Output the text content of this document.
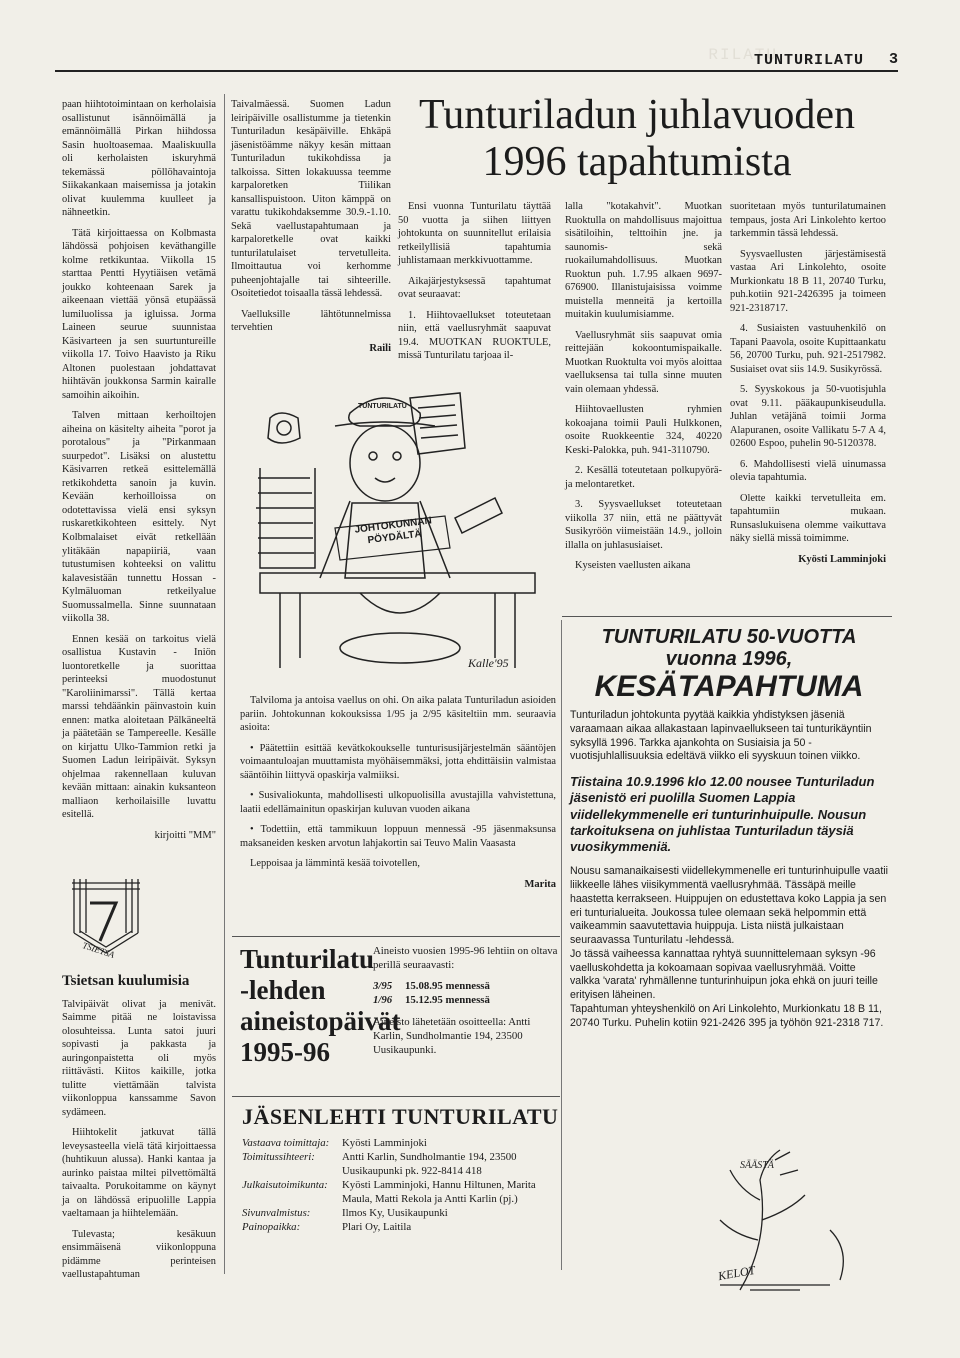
RILATU
TUNTURILATU 3

paan hiihtotoimintaan on kerholaisia osallistunut isännöimällä ja emännöimällä Pirkan hiihdossa Sasin huoltoasemaa. Maaliskuulla oli kerholaisten iskuryhmä tekemässä pöllöhavaintoja Siikakankaan maisemissa ja jotakin olivat kuulemma kuulleet ja nähneetkin.

Tätä kirjoittaessa on Kolbmasta lähdössä pohjoisen keväthangille kolme retkikuntaa. Viikolla 15 starttaa Pentti Hyytiäisen vetämä joukko kohteenaan Sarek ja aikeenaan viettää yönsä etupäässä lumiluolissa ja igluissa. Jorma Laineen seurue suunnistaa Käsivarteen ja sen suurtuntureille viikolla 17. Toivo Haavisto ja Riku Altonen puolestaan johdattavat hiihtävän joukkonsa Sarmin kairalle samoihin aikoihin.

Talven mittaan kerhoiltojen aiheina on käsitelty aiheita "porot ja porotalous" ja "Pirkanmaan suurpedot". Lisäksi on alustettu Käsivarren retkeä esittelemällä retkikohdetta sanoin ja kuvin. Kevään kerhoilloissa on odotettavissa vielä ensi syksyn ruskaretkikohteen esittely. Nyt Kolbmalaiset eivät retkellään ylitäkään napapiiriä, vaan tutustumisen kohteeksi on valittu kalavesistään tunnettu Hossan - Kylmäluoman retkeilyalue Suomussalmella. Sinne suunnataan viikolla 38.

Ennen kesää on tarkoitus vielä osallistua Kustavin - Iniön luontoretkelle ja suorittaa perinteeksi muodostunut "Karoliinimarssi". Tällä kertaa marssi tehdäänkin päinvastoin kuin ennen: matka aloitetaan Pälkäneeltä ja päätetään se Tampereelle. Kesälle on kirjattu Ulko-Tammion retki ja Suomen Ladun leiripäivät. Syksyn ohjelmaa rakennellaan kuluvan kevään mittaan: ainakin kuksanteon malliaon kerhoilaisille luvattu esitellä.

kirjoitti "MM"

TSIETSA
Tsietsan kuulumisia

Talvipäivät olivat ja menivät. Saimme pitää ne loistavissa olosuhteissa. Lunta satoi juuri sopivasti ja pakkasta ja auringonpaistetta oli myös riittävästi. Kiitos kaikille, jotka tulitte viettämään talvista viikonloppua kanssamme Savon sydämeen.

Hiihtokelit jatkuvat tällä leveysasteella vielä tätä kirjoittaessa (huhtikuun alussa). Hanki kantaa ja aurinko paistaa miltei pilvettömältä taivaalta. Porukoitamme on käynyt ja on lähdössä eripuolille Lappia vaeltamaan ja hiihtelemään.

Tulevasta; kesäkuun ensimmäisenä viikonloppuna pidämme perinteisen vaellustapahtuman

Taivalmäessä. Suomen Ladun leiripäiville osallistumme ja tietenkin Tunturiladun kesäpäiville. Ehkäpä jäsenistöämme näkyy kesän mittaan Tunturiladun tukikohdissa ja talkoissa. Sitten lokakuussa teemme karpaloretken Tiilikan kansallispuistoon. Uiton kämppä on varattu tukikohdaksemme 30.9.-1.10. Sekä vaellustapahtumaan ja karpaloretkelle ovat kaikki tunturilatulaiset tervetulleita. Ilmoittautua voi kerhomme puheenjohtajalle tai sihteerille. Osoitetiedot toisaalla tässä lehdessä.

Vaelluksille lähtötunnelmissa tervehtien

Raili

JOHTOKUNNAN PÖYDÄLTÄ
TUNTURILATU
Kalle'95
Tunturiladun juhlavuoden
1996 tapahtumista

Ensi vuonna Tunturilatu täyttää 50 vuotta ja siihen liittyen johtokunta on suunnitellut erilaisia retkeilyllisiä tapahtumia juhlistamaan merkkivuottamme.

Aikajärjestyksessä tapahtumat ovat seuraavat:

1. Hiihtovaellukset toteutetaan niin, että vaellusryhmät saapuvat 19.4. MUOTKAN RUOKTULE, missä Tunturilatu tarjoaa il-

lalla "kotakahvit". Muotkan Ruoktulla on mahdollisuus majoittua sisätiloihin, telttoihin jne. ja saunomis- sekä ruokailumahdollisuus. Muotkan Ruoktun puh. 1.7.95 alkaen 9697-676900. Illanistujaisissa voimme muistella menneitä ja kertoilla muitakin kuulumisiamme.

Vaellusryhmät siis saapuvat omia reittejään kokoontumispaikalle. Muotkan Ruoktulta voi myös aloittaa vaelluksensa tai tulla sinne muuten vain olemaan yhdessä.

Hiihtovaellusten ryhmien kokoajana toimii Pauli Hulkkonen, osoite Ruokkeentie 324, 40220 Keski-Palokka, puh. 941-3110790.

2. Kesällä toteutetaan polkupyörä- ja melontaretket.

3. Syysvaellukset toteutetaan viikolla 37 niin, että ne päättyvät Susikyröön viimeistään 14.9., jolloin illalla on juhlasusiaiset.

Kyseisten vaellusten aikana

suoritetaan myös tunturilatumainen tempaus, josta Ari Linkolehto kertoo tarkemmin tässä lehdessä.

Syysvaellusten järjestämisestä vastaa Ari Linkolehto, osoite Murkionkatu 18 B 11, 20740 Turku, puh.kotiin 921-2426395 ja toimeen 921-2318717.

4. Susiaisten vastuuhenkilö on Tapani Paavola, osoite Kupittaankatu 56, 20700 Turku, puh. 921-2517982. Susiaiset ovat siis 14.9. Susikyrössä.

5. Syyskokous ja 50-vuotisjuhla ovat 9.11. pääkaupunkiseudulla. Juhlan vetäjänä toimii Jorma Alapuranen, osoite Vallikatu 5-7 A 4, 02600 Espoo, puhelin 90-5120378.

6. Mahdollisesti vielä uinumassa olevia tapahtumia.

Olette kaikki tervetulleita em. tapahtumiin mukaan. Runsaslukuisena olemme vaikuttava näky siellä missä toimimme.

Kyösti Lamminjoki

Talviloma ja antoisa vaellus on ohi. On aika palata Tunturiladun asioiden pariin. Johtokunnan kokouksissa 1/95 ja 2/95 käsiteltiin mm. seuraavia asioita:

• Päätettiin esittää kevätkokoukselle tunturisusijärjestelmän sääntöjen voimaantuloajan muuttamista myöhäisemmäksi, jotta ehdittäisiin valmistaa sääntöihin liittyvä opaskirja valmiiksi.

• Susivaliokunta, mahdollisesti ulkopuolisilla avustajilla vahvistettuna, laatii edellämainitun opaskirjan kuluvan vuoden aikana

• Todettiin, että tammikuun loppuun mennessä -95 jäsenmaksunsa maksaneiden kesken arvotun lahjakortin sai Teuvo Malin Vaasasta

Leppoisaa ja lämmintä kesää toivotellen,

Marita

Tunturilatu
-lehden
aineistopäivät
1995-96

Aineisto vuosien 1995-96 lehtiin on oltava perillä seuraavasti:

3/95	15.08.95 mennessä
1/96	15.12.95 mennessä

Aineisto lähetetään osoitteella: Antti Karlin, Sundholmantie 194, 23500 Uusikaupunki.

JÄSENLEHTI TUNTURILATU
Vastaava toimittaja:	Kyösti Lamminjoki
Toimitussihteeri:	Antti Karlin, Sundholmantie 194, 23500 Uusikaupunki pk. 922-8414 418
Julkaisutoimikunta:	Kyösti Lamminjoki, Hannu Hiltunen, Marita Maula, Matti Rekola ja Antti Karlin (pj.)
Sivunvalmistus:	Ilmos Ky, Uusikaupunki
Painopaikka:	Plari Oy, Laitila
TUNTURILATU 50-VUOTTA
vuonna 1996,
KESÄTAPAHTUMA

Tunturiladun johtokunta pyytää kaikkia yhdistyksen jäseniä varaamaan aikaa allakastaan lapinvaellukseen tai tunturikäyntiin syksyllä 1996. Tarkka ajankohta on Susiaisia ja 50 -vuotisjuhlallisuuksia edeltävä viikko eli syyskuun toinen viikko.

Tiistaina 10.9.1996 klo 12.00 nousee Tunturiladun jäsenistö eri puolilla Suomen Lappia viidellekymmenelle eri tunturinhuipulle. Nousun tarkoituksena on juhlistaa Tunturiladun täysiä vuosikymmeniä.

Nousu samanaikaisesti viidellekymmenelle eri tunturinhuipulle vaatii liikkeelle lähes viisikymmentä vaellusryhmää. Tässäpä meille haastetta kerrakseen. Huippujen on edustettava koko Lappia ja sen eri tunturialueita. Joukossa tulee olemaan sekä helpommin että vaikeammin saavutettavia huippuja. Lista niistä julkaistaan seuraavassa Tunturilatu -lehdessä.

Jo tässä vaiheessa kannattaa ryhtyä suunnittelemaan syksyn -96 vaelluskohdetta ja kokoamaan sopivaa vaellusryhmää. Voitte valkka 'varata' ryhmällenne tunturinhuipun joka ehkä on juuri teille erityisen läheinen.

Tapahtuman yhteyshenkilö on Ari Linkolehto, Murkionkatu 18 B 11, 20740 Turku. Puhelin kotiin 921-2426 395 ja työhön 921-2318 717.

SÄÄSTÄ
KELOT
